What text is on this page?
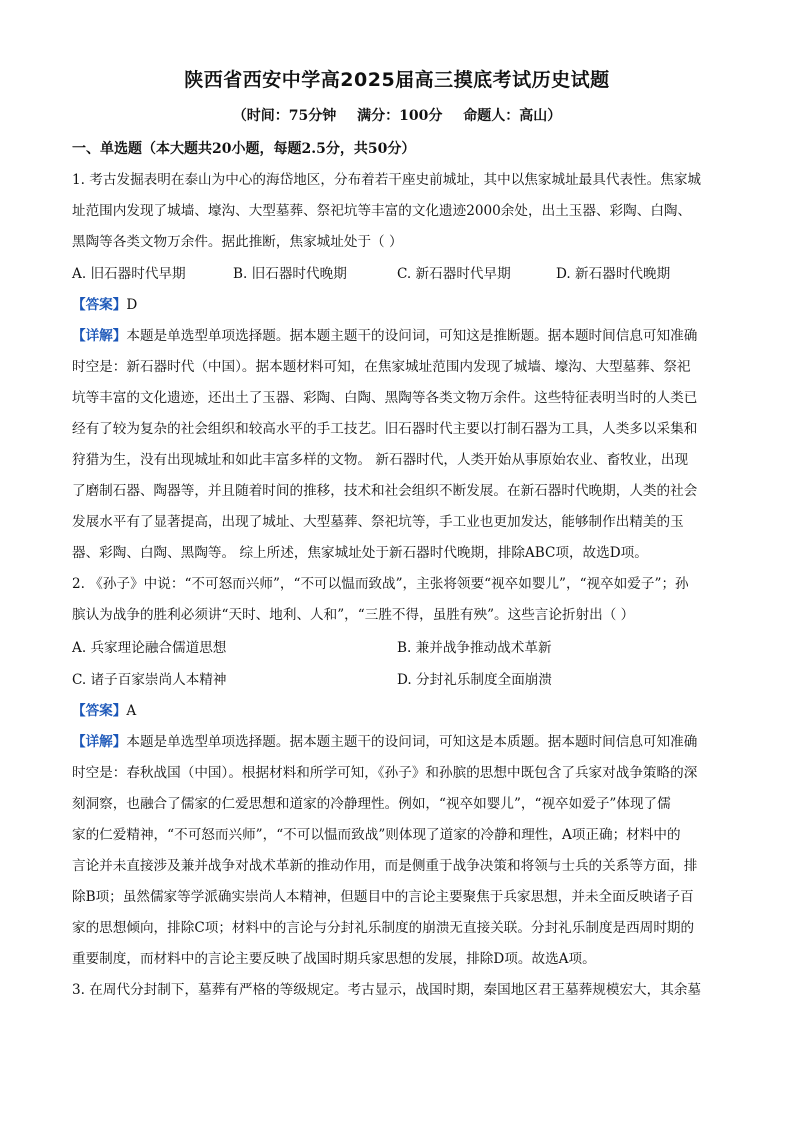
陕西省西安中学高2025届高三摸底考试历史试题
（时间：75分钟 满分：100分 命题人：高山）
一、单选题（本大题共20小题，每题2.5分，共50分）
1. 考古发掘表明在泰山为中心的海岱地区，分布着若干座史前城址，其中以焦家城址最具代表性。焦家城
址范围内发现了城墙、壕沟、大型墓葬、祭祀坑等丰富的文化遗迹2000余处，出土玉器、彩陶、白陶、
黑陶等各类文物万余件。据此推断，焦家城址处于（ ）
A. 旧石器时代早期	B. 旧石器时代晚期	C. 新石器时代早期	D. 新石器时代晚期
【答案】D
【详解】本题是单选型单项选择题。据本题主题干的设问词，可知这是推断题。据本题时间信息可知准确
时空是：新石器时代（中国）。据本题材料可知，在焦家城址范围内发现了城墙、壕沟、大型墓葬、祭祀
坑等丰富的文化遗迹，还出土了玉器、彩陶、白陶、黑陶等各类文物万余件。这些特征表明当时的人类已
经有了较为复杂的社会组织和较高水平的手工技艺。旧石器时代主要以打制石器为工具，人类多以采集和
狩猎为生，没有出现城址和如此丰富多样的文物。 新石器时代，人类开始从事原始农业、畜牧业，出现
了磨制石器、陶器等，并且随着时间的推移，技术和社会组织不断发展。在新石器时代晚期，人类的社会
发展水平有了显著提高，出现了城址、大型墓葬、祭祀坑等，手工业也更加发达，能够制作出精美的玉
器、彩陶、白陶、黑陶等。 综上所述，焦家城址处于新石器时代晚期，排除ABC项，故选D项。
2. 《孙子》中说：“不可怒而兴师”，“不可以愠而致战”，主张将领要“视卒如婴儿”，“视卒如爱子”；孙
膑认为战争的胜利必须讲“天时、地利、人和”，“三胜不得，虽胜有殃”。这些言论折射出（ ）
A. 兵家理论融合儒道思想	B. 兼并战争推动战术革新
C. 诸子百家崇尚人本精神	D. 分封礼乐制度全面崩溃
【答案】A
【详解】本题是单选型单项选择题。据本题主题干的设问词，可知这是本质题。据本题时间信息可知准确
时空是：春秋战国（中国）。根据材料和所学可知，《孙子》和孙膑的思想中既包含了兵家对战争策略的深
刻洞察，也融合了儒家的仁爱思想和道家的冷静理性。例如，“视卒如婴儿”，“视卒如爱子”体现了儒
家的仁爱精神，“不可怒而兴师”，“不可以愠而致战”则体现了道家的冷静和理性，A项正确；材料中的
言论并未直接涉及兼并战争对战术革新的推动作用，而是侧重于战争决策和将领与士兵的关系等方面，排
除B项；虽然儒家等学派确实崇尚人本精神，但题目中的言论主要聚焦于兵家思想，并未全面反映诸子百
家的思想倾向，排除C项；材料中的言论与分封礼乐制度的崩溃无直接关联。分封礼乐制度是西周时期的
重要制度，而材料中的言论主要反映了战国时期兵家思想的发展，排除D项。故选A项。
3. 在周代分封制下，墓葬有严格的等级规定。考古显示，战国时期，秦国地区君王墓葬规模宏大，其余墓
